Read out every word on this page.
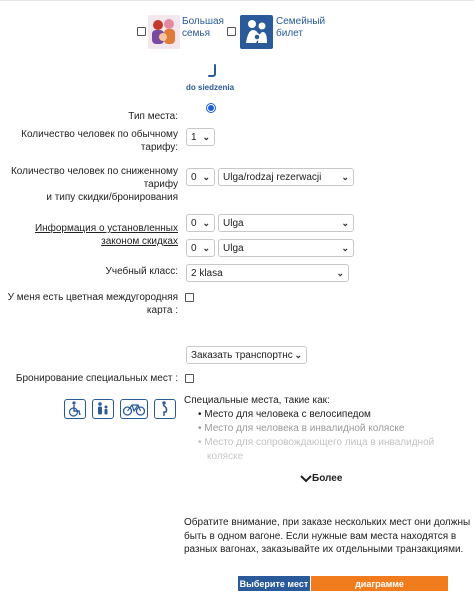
Большая
семья
Семейный
билет
do siedzenia
Тип места:
Количество человек по обычному
тарифу:
1 ⌄
Количество человек по сниженному
тарифу
и типу скидки/бронирования
0 ⌄ Ulga/rodzaj rezerwacji ⌄
Информация о установленных
законом скидках
0 ⌄ Ulga	⌄
0 ⌄ Ulga	⌄
Учебный класс: 2 klasa	⌄
У меня есть цветная междугородняя
карта :
Заказать транспортнс ⌄
Бронирование специальных мест :
Специальные места, такие как:
• Место для человека с велосипедом
• Место для человека в инвалидной коляске
• Место для сопровождающего лица в инвалидной
коляске
Более
Обратите внимание, при заказе нескольких мест они должны
быть в одном вагоне. Если нужные вам места находятся в
разных вагонах, заказывайте их отдельными транзакциями.
Выберите мест	диаграмме
